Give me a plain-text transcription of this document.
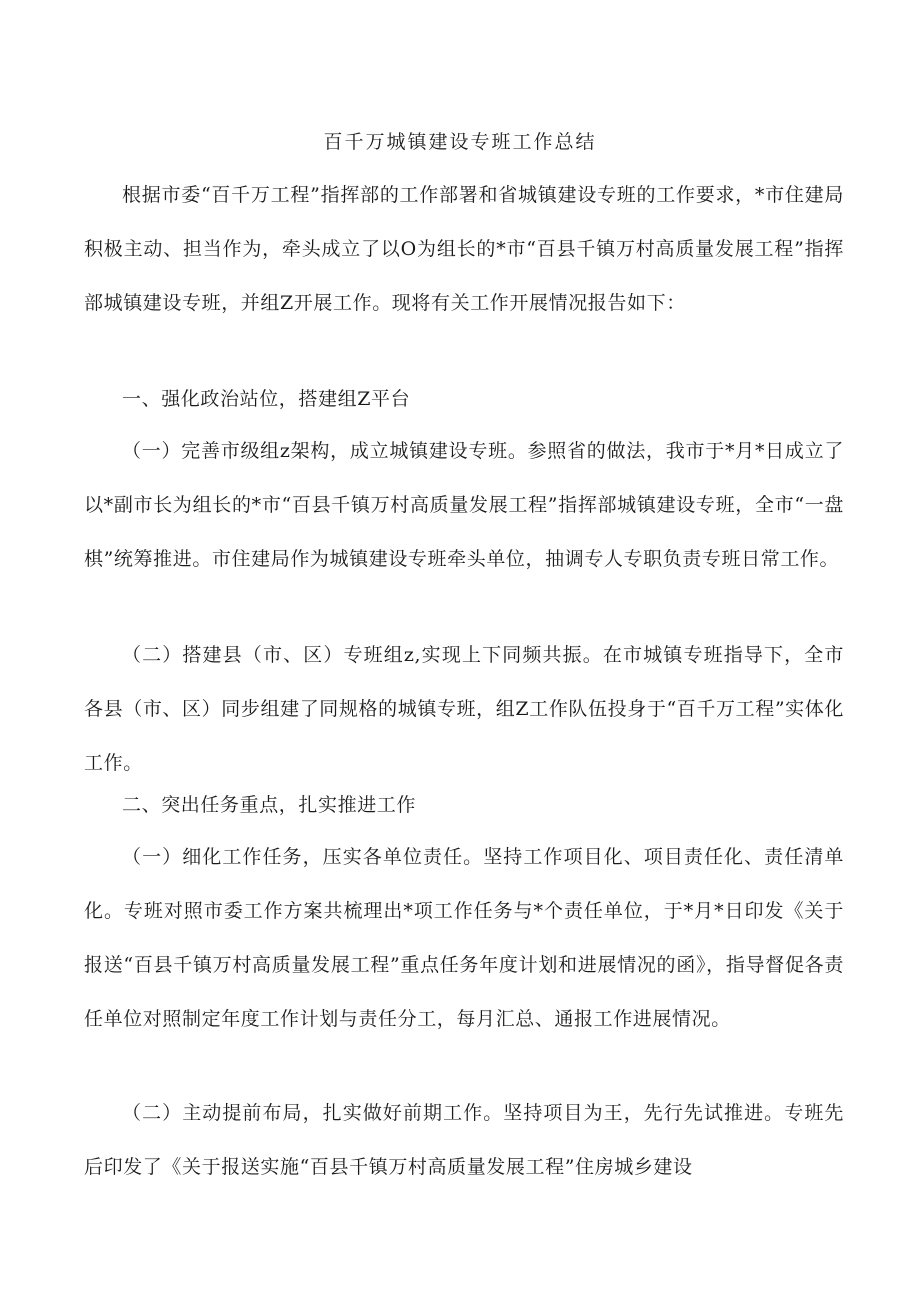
百千万城镇建设专班工作总结

根据市委“百千万工程”指挥部的工作部署和省城镇建设专班的工作要求，*市住建局积极主动、担当作为，牵头成立了以O为组长的*市“百县千镇万村高质量发展工程”指挥部城镇建设专班，并组Z开展工作。现将有关工作开展情况报告如下：

一、强化政治站位，搭建组Z平台

（一）完善市级组z架构，成立城镇建设专班。参照省的做法，我市于*月*日成立了以*副市长为组长的*市“百县千镇万村高质量发展工程”指挥部城镇建设专班，全市“一盘棋”统筹推进。市住建局作为城镇建设专班牵头单位，抽调专人专职负责专班日常工作。

（二）搭建县（市、区）专班组z,实现上下同频共振。在市城镇专班指导下，全市各县（市、区）同步组建了同规格的城镇专班，组Z工作队伍投身于“百千万工程”实体化工作。

二、突出任务重点，扎实推进工作

（一）细化工作任务，压实各单位责任。坚持工作项目化、项目责任化、责任清单化。专班对照市委工作方案共梳理出*项工作任务与*个责任单位，于*月*日印发《关于报送“百县千镇万村高质量发展工程”重点任务年度计划和进展情况的函》，指导督促各责任单位对照制定年度工作计划与责任分工，每月汇总、通报工作进展情况。

（二）主动提前布局，扎实做好前期工作。坚持项目为王，先行先试推进。专班先后印发了《关于报送实施“百县千镇万村高质量发展工程”住房城乡建设
